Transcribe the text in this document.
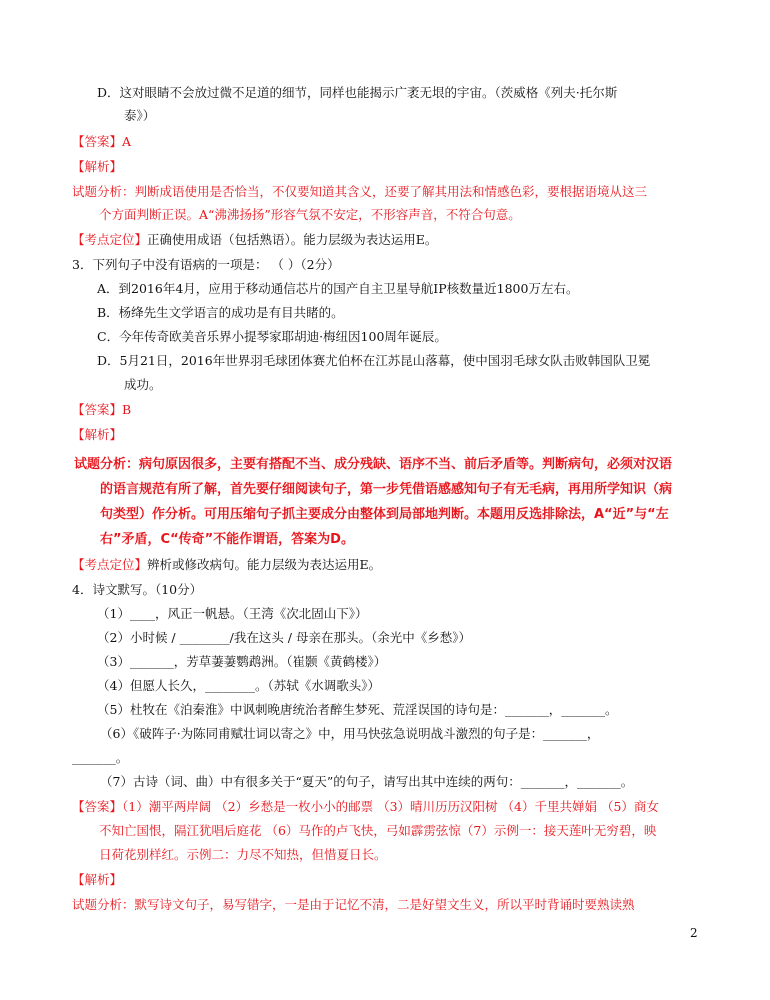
D．这对眼睛不会放过微不足道的细节，同样也能揭示广袤无垠的宇宙。（茨威格《列夫·托尔斯
泰》）
【答案】A
【解析】
试题分析：判断成语使用是否恰当，不仅要知道其含义，还要了解其用法和情感色彩，要根据语境从这三
个方面判断正误。A“沸沸扬扬”形容气氛不安定，不形容声音，不符合句意。
【考点定位】正确使用成语（包括熟语）。能力层级为表达运用E。
3．下列句子中没有语病的一项是： （ ）（2分）
A．到2016年4月，应用于移动通信芯片的国产自主卫星导航IP核数量近1800万左右。
B．杨绛先生文学语言的成功是有目共睹的。
C．今年传奇欧美音乐界小提琴家耶胡迪·梅纽因100周年诞辰。
D．5月21日，2016年世界羽毛球团体赛尤伯杯在江苏昆山落幕，使中国羽毛球女队击败韩国队卫冕
成功。
【答案】B
【解析】
试题分析：病句原因很多，主要有搭配不当、成分残缺、语序不当、前后矛盾等。判断病句，必须对汉语
的语言规范有所了解，首先要仔细阅读句子，第一步凭借语感感知句子有无毛病，再用所学知识（病
句类型）作分析。可用压缩句子抓主要成分由整体到局部地判断。本题用反选排除法，A“近”与“左
右”矛盾，C“传奇”不能作谓语，答案为D。
【考点定位】辨析或修改病句。能力层级为表达运用E。
4．诗文默写。（10分）
（1）____，风正一帆悬。（王湾《次北固山下》）
（2）小时候 / ________/我在这头 / 母亲在那头。（余光中《乡愁》）
（3）_______，芳草萋萋鹦鹉洲。（崔颢《黄鹤楼》）
（4）但愿人长久，________。（苏轼《水调歌头》）
（5）杜牧在《泊秦淮》中讽刺晚唐统治者醉生梦死、荒淫误国的诗句是：_______，_______。
（6）《破阵子·为陈同甫赋壮词以寄之》中，用马快弦急说明战斗激烈的句子是：_______，
_______。
（7）古诗（词、曲）中有很多关于“夏天”的句子，请写出其中连续的两句：_______，_______。
【答案】（1）潮平两岸阔 （2）乡愁是一枚小小的邮票 （3）晴川历历汉阳树 （4）千里共婵娟 （5）商女
不知亡国恨，隔江犹唱后庭花 （6）马作的卢飞快，弓如霹雳弦惊（7）示例一：接天莲叶无穷碧，映
日荷花别样红。示例二：力尽不知热，但惜夏日长。
【解析】
试题分析：默写诗文句子，易写错字，一是由于记忆不清，二是好望文生义，所以平时背诵时要熟读熟
2
